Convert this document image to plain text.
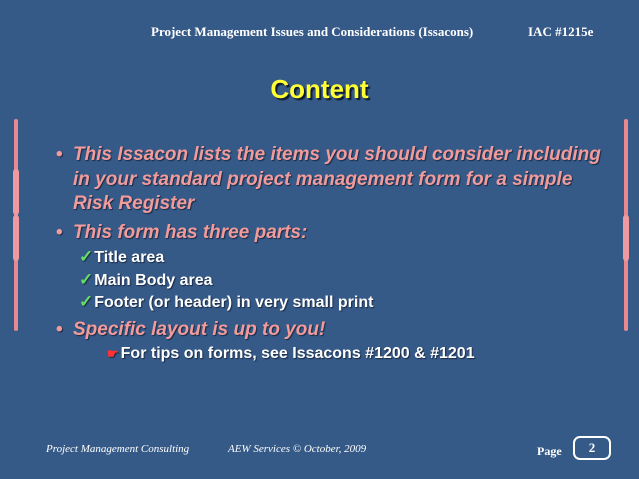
Project Management Issues and Considerations (Issacons)	IAC #1215e
Content
• This Issacon lists the items you should consider including in your standard project management form for a simple Risk Register
• This form has three parts:
✓Title area
✓Main Body area
✓Footer (or header) in very small print
• Specific layout is up to you!
☛ For tips on forms, see Issacons #1200 & #1201
Project Management Consulting	AEW Services © October, 2009	Page	2
